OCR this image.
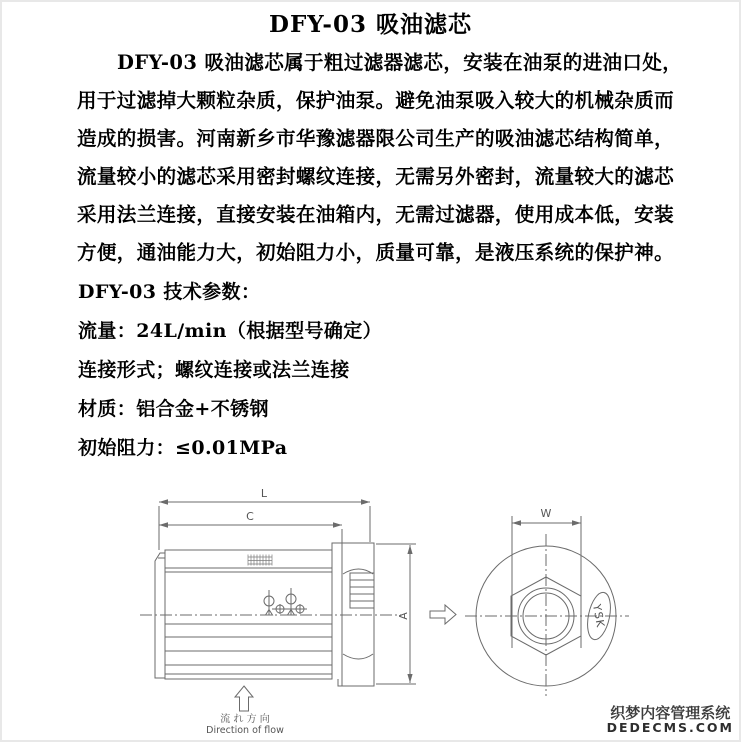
DFY-03 吸油滤芯
DFY-03 吸油滤芯属于粗过滤器滤芯，安装在油泵的进油口处，
用于过滤掉大颗粒杂质，保护油泵。避免油泵吸入较大的机械杂质而
造成的损害。河南新乡市华豫滤器限公司生产的吸油滤芯结构简单，
流量较小的滤芯采用密封螺纹连接，无需另外密封，流量较大的滤芯
采用法兰连接，直接安装在油箱内，无需过滤器，使用成本低，安装
方便，通油能力大，初始阻力小，质量可靠，是液压系统的保护神。
DFY-03 技术参数：
流量：24L/min（根据型号确定）
连接形式；螺纹连接或法兰连接
材质：铝合金+不锈钢
初始阻力：≤0.01MPa
L
C
A
W
YSK
流 れ 方 向
Direction of flow
织梦内容管理系统
DEDECMS.COM
